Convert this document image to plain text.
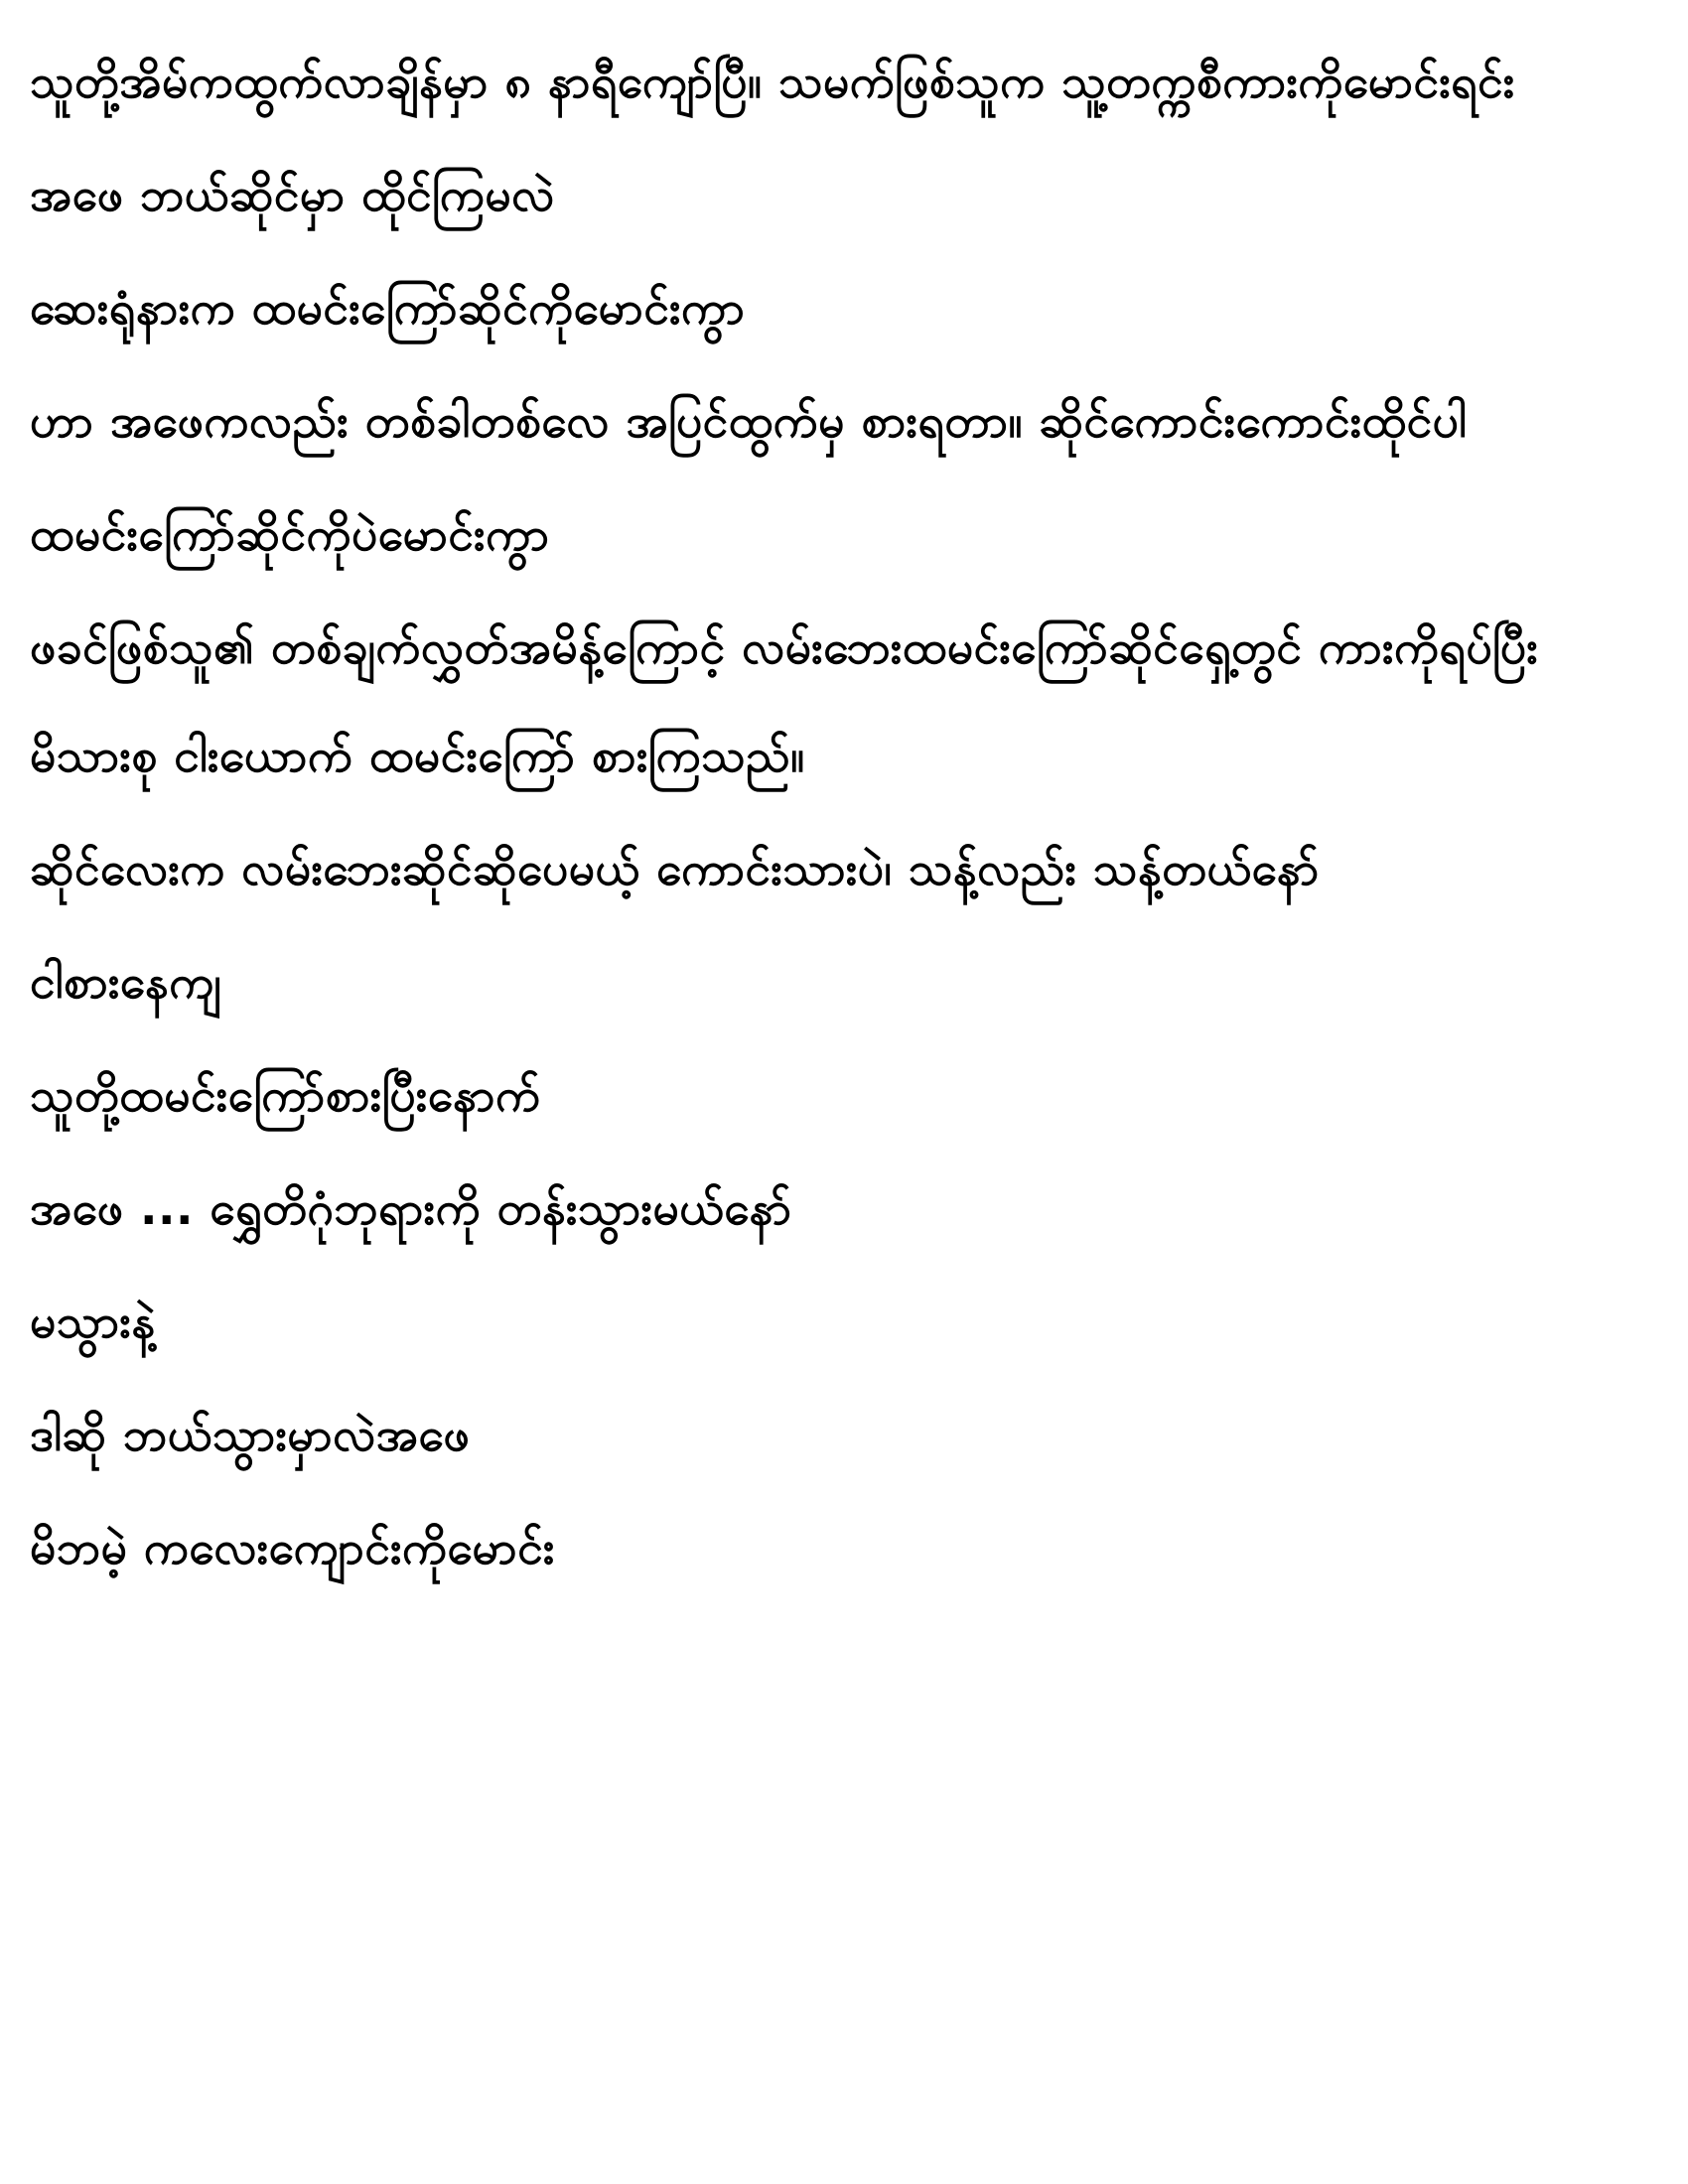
သူတို့အိမ်ကထွက်လာချိန်မှာ ၈ နာရီကျော်ပြီ။ သမက်ဖြစ်သူက သူ့တက္ကစီကားကိုမောင်းရင်း

အဖေ ဘယ်ဆိုင်မှာ ထိုင်ကြမလဲ

ဆေးရုံနားက ထမင်းကြော်ဆိုင်ကိုမောင်းကွာ

ဟာ အဖေကလည်း တစ်ခါတစ်လေ အပြင်ထွက်မှ စားရတာ။ ဆိုင်ကောင်းကောင်းထိုင်ပါ

ထမင်းကြော်ဆိုင်ကိုပဲမောင်းကွာ

ဖခင်ဖြစ်သူ၏ တစ်ချက်လွှတ်အမိန့်ကြောင့် လမ်းဘေးထမင်းကြော်ဆိုင်ရှေ့တွင် ကားကိုရပ်ပြီး မိသားစု ငါးယောက် ထမင်းကြော် စားကြသည်။

ဆိုင်လေးက လမ်းဘေးဆိုင်ဆိုပေမယ့် ကောင်းသားပဲ၊ သန့်လည်း သန့်တယ်နော်

ငါစားနေကျ

သူတို့ထမင်းကြော်စားပြီးနောက်

အဖေ ... ရွှေတိဂုံဘုရားကို တန်းသွားမယ်နော်

မသွားနဲ့

ဒါဆို ဘယ်သွားမှာလဲအဖေ

မိဘမဲ့ ကလေးကျောင်းကိုမောင်း
